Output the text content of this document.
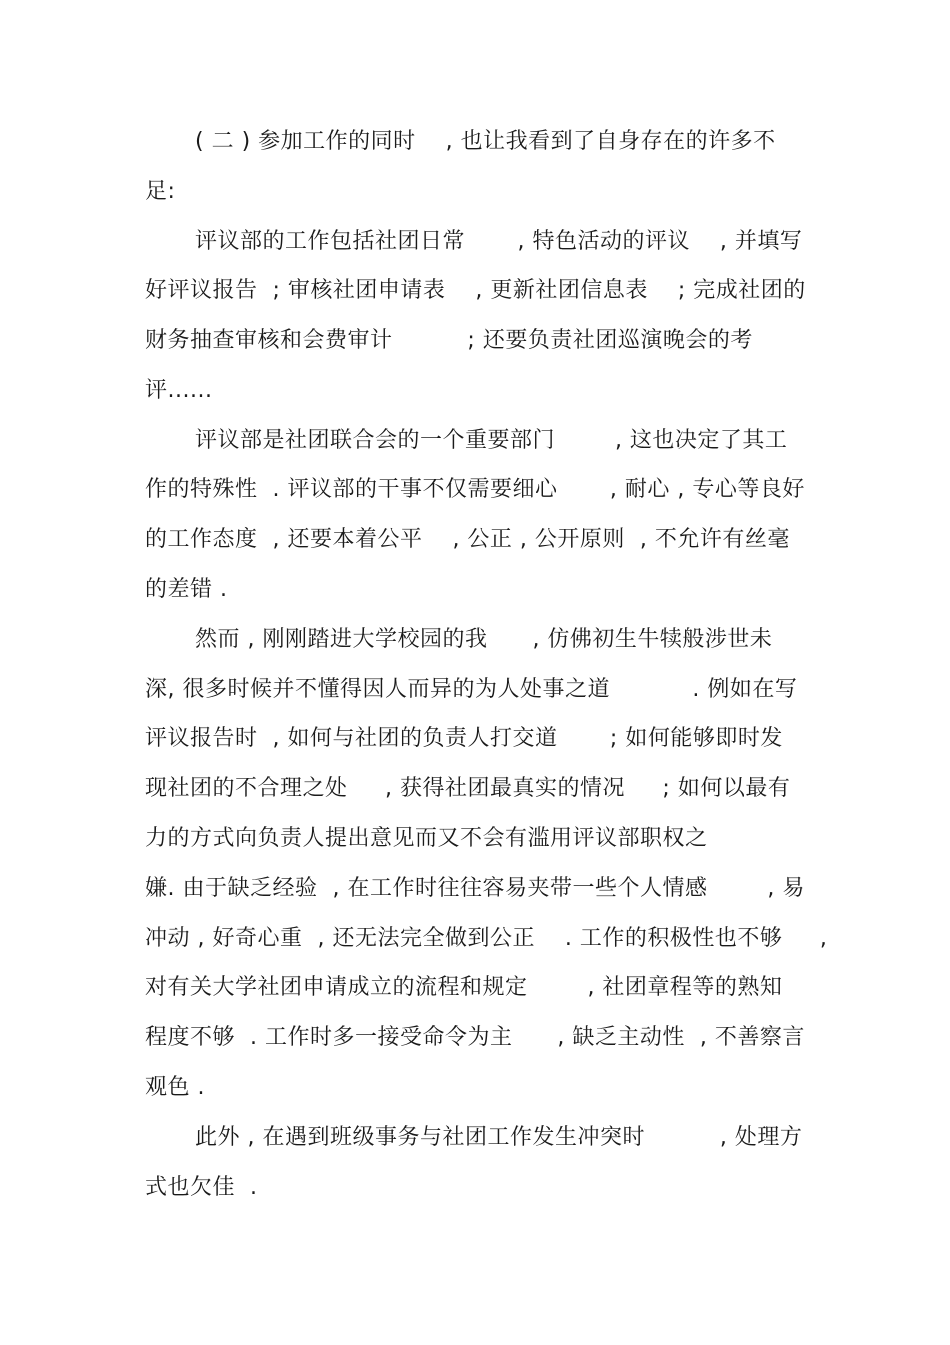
( 二 ) 参加工作的同时    , 也让我看到了自身存在的许多不
足:
评议部的工作包括社团日常       , 特色活动的评议    , 并填写
好评议报告  ; 审核社团申请表    , 更新社团信息表    ; 完成社团的
财务抽查审核和会费审计          ; 还要负责社团巡演晚会的考
评......
评议部是社团联合会的一个重要部门        , 这也决定了其工
作的特殊性  . 评议部的干事不仅需要细心       , 耐心 , 专心等良好
的工作态度  , 还要本着公平    , 公正 , 公开原则  , 不允许有丝毫
的差错 .
然而 , 刚刚踏进大学校园的我      , 仿佛初生牛犊般涉世未
深, 很多时候并不懂得因人而异的为人处事之道           . 例如在写
评议报告时  , 如何与社团的负责人打交道       ; 如何能够即时发
现社团的不合理之处     , 获得社团最真实的情况     ; 如何以最有
力的方式向负责人提出意见而又不会有滥用评议部职权之
嫌. 由于缺乏经验  , 在工作时往往容易夹带一些个人情感        , 易
冲动 , 好奇心重  , 还无法完全做到公正    . 工作的积极性也不够     ,
对有关大学社团申请成立的流程和规定        , 社团章程等的熟知
程度不够  . 工作时多一接受命令为主      , 缺乏主动性  , 不善察言
观色 .
此外 , 在遇到班级事务与社团工作发生冲突时          , 处理方
式也欠佳  .
